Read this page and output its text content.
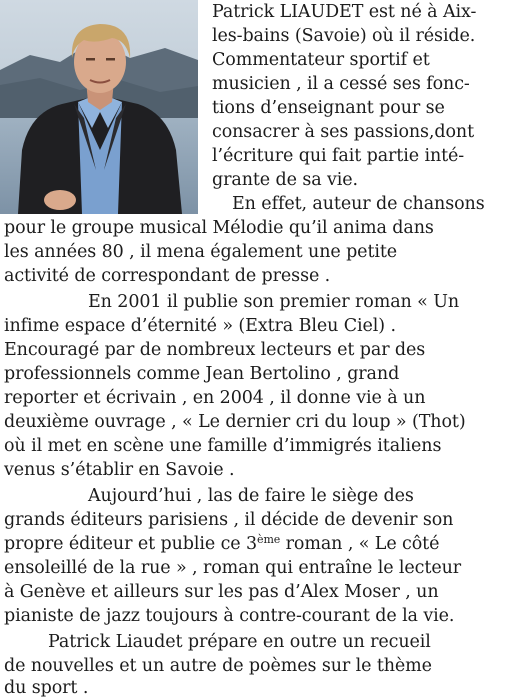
Patrick LIAUDET est né à Aix-
les-bains (Savoie) où il réside.
Commentateur sportif et
musicien , il a cessé ses fonc-
tions d’enseignant pour se
consacrer à ses passions,dont
l’écriture qui fait partie inté-
grante de sa vie.
En effet, auteur de chansons
pour le groupe musical Mélodie qu’il anima dans
les années 80 , il mena également une petite
activité de correspondant de presse .
En 2001 il publie son premier roman « Un
infime espace d’éternité » (Extra Bleu Ciel) .
Encouragé par de nombreux lecteurs et par des
professionnels comme Jean Bertolino , grand
reporter et écrivain , en 2004 , il donne vie à un
deuxième ouvrage , « Le dernier cri du loup » (Thot)
où il met en scène une famille d’immigrés italiens
venus s’établir en Savoie .
Aujourd’hui , las de faire le siège des
grands éditeurs parisiens , il décide de devenir son
propre éditeur et publie ce 3ème roman , « Le côté
ensoleillé de la rue » , roman qui entraîne le lecteur
à Genève et ailleurs sur les pas d’Alex Moser , un
pianiste de jazz toujours à contre-courant de la vie.
Patrick Liaudet prépare en outre un recueil
de nouvelles et un autre de poèmes sur le thème
du sport .
